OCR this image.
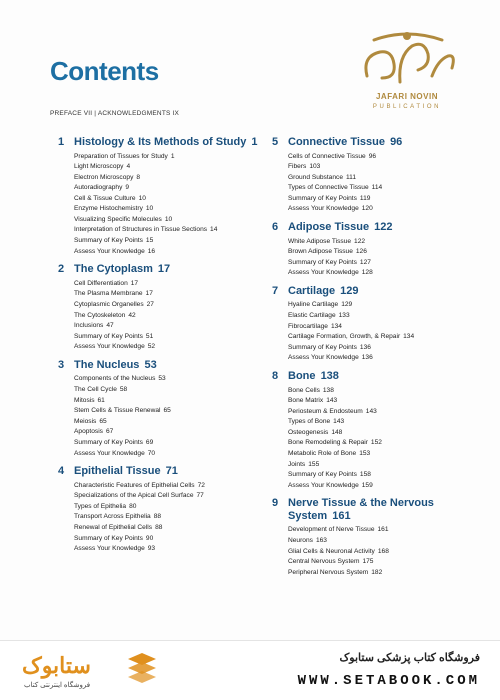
Contents
PREFACE VII | ACKNOWLEDGMENTS IX
JAFARI NOVIN
PUBLICATION
1 Histology & Its Methods of Study 1
Preparation of Tissues for Study 1
Light Microscopy 4
Electron Microscopy 8
Autoradiography 9
Cell & Tissue Culture 10
Enzyme Histochemistry 10
Visualizing Specific Molecules 10
Interpretation of Structures in Tissue Sections 14
Summary of Key Points 15
Assess Your Knowledge 16
2 The Cytoplasm 17
Cell Differentiation 17
The Plasma Membrane 17
Cytoplasmic Organelles 27
The Cytoskeleton 42
Inclusions 47
Summary of Key Points 51
Assess Your Knowledge 52
3 The Nucleus 53
Components of the Nucleus 53
The Cell Cycle 58
Mitosis 61
Stem Cells & Tissue Renewal 65
Meiosis 65
Apoptosis 67
Summary of Key Points 69
Assess Your Knowledge 70
4 Epithelial Tissue 71
Characteristic Features of Epithelial Cells 72
Specializations of the Apical Cell Surface 77
Types of Epithelia 80
Transport Across Epithelia 88
Renewal of Epithelial Cells 88
Summary of Key Points 90
Assess Your Knowledge 93
5 Connective Tissue 96
Cells of Connective Tissue 96
Fibers 103
Ground Substance 111
Types of Connective Tissue 114
Summary of Key Points 119
Assess Your Knowledge 120
6 Adipose Tissue 122
White Adipose Tissue 122
Brown Adipose Tissue 126
Summary of Key Points 127
Assess Your Knowledge 128
7 Cartilage 129
Hyaline Cartilage 129
Elastic Cartilage 133
Fibrocartilage 134
Cartilage Formation, Growth, & Repair 134
Summary of Key Points 136
Assess Your Knowledge 136
8 Bone 138
Bone Cells 138
Bone Matrix 143
Periosteum & Endosteum 143
Types of Bone 143
Osteogenesis 148
Bone Remodeling & Repair 152
Metabolic Role of Bone 153
Joints 155
Summary of Key Points 158
Assess Your Knowledge 159
9 Nerve Tissue & the Nervous System 161
Development of Nerve Tissue 161
Neurons 163
Glial Cells & Neuronal Activity 168
Central Nervous System 175
Peripheral Nervous System 182
ستابوک
فروشگاه اینترنتی کتاب
فروشگاه کتاب پزشکی ستابوک
WWW.SETABOOK.COM
